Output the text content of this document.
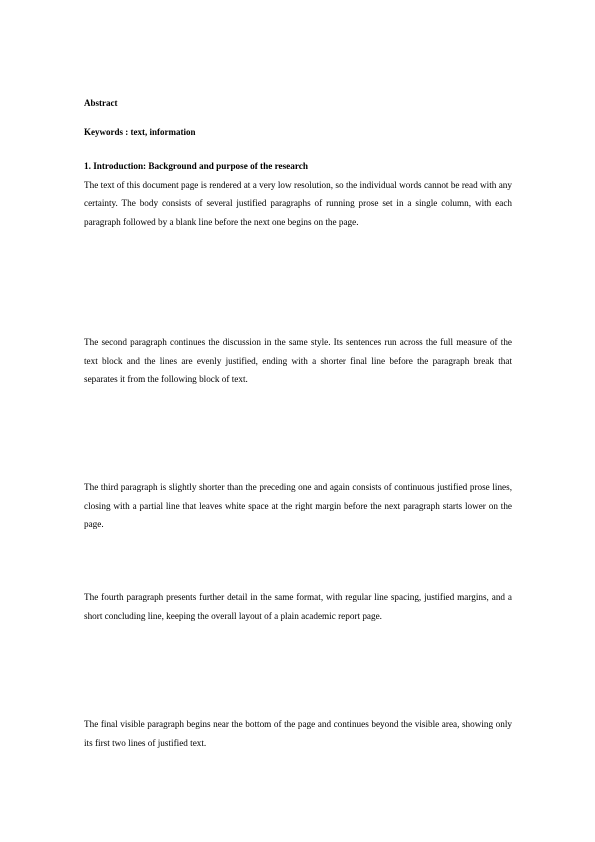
Abstract
Keywords : text, information
1. Introduction: Background and purpose of the research
The text of this document page is rendered at a very low resolution, so the individual words cannot be read with any certainty. The body consists of several justified paragraphs of running prose set in a single column, with each paragraph followed by a blank line before the next one begins on the page.
The second paragraph continues the discussion in the same style. Its sentences run across the full measure of the text block and the lines are evenly justified, ending with a shorter final line before the paragraph break that separates it from the following block of text.
The third paragraph is slightly shorter than the preceding one and again consists of continuous justified prose lines, closing with a partial line that leaves white space at the right margin before the next paragraph starts lower on the page.
The fourth paragraph presents further detail in the same format, with regular line spacing, justified margins, and a short concluding line, keeping the overall layout of a plain academic report page.
The final visible paragraph begins near the bottom of the page and continues beyond the visible area, showing only its first two lines of justified text.
